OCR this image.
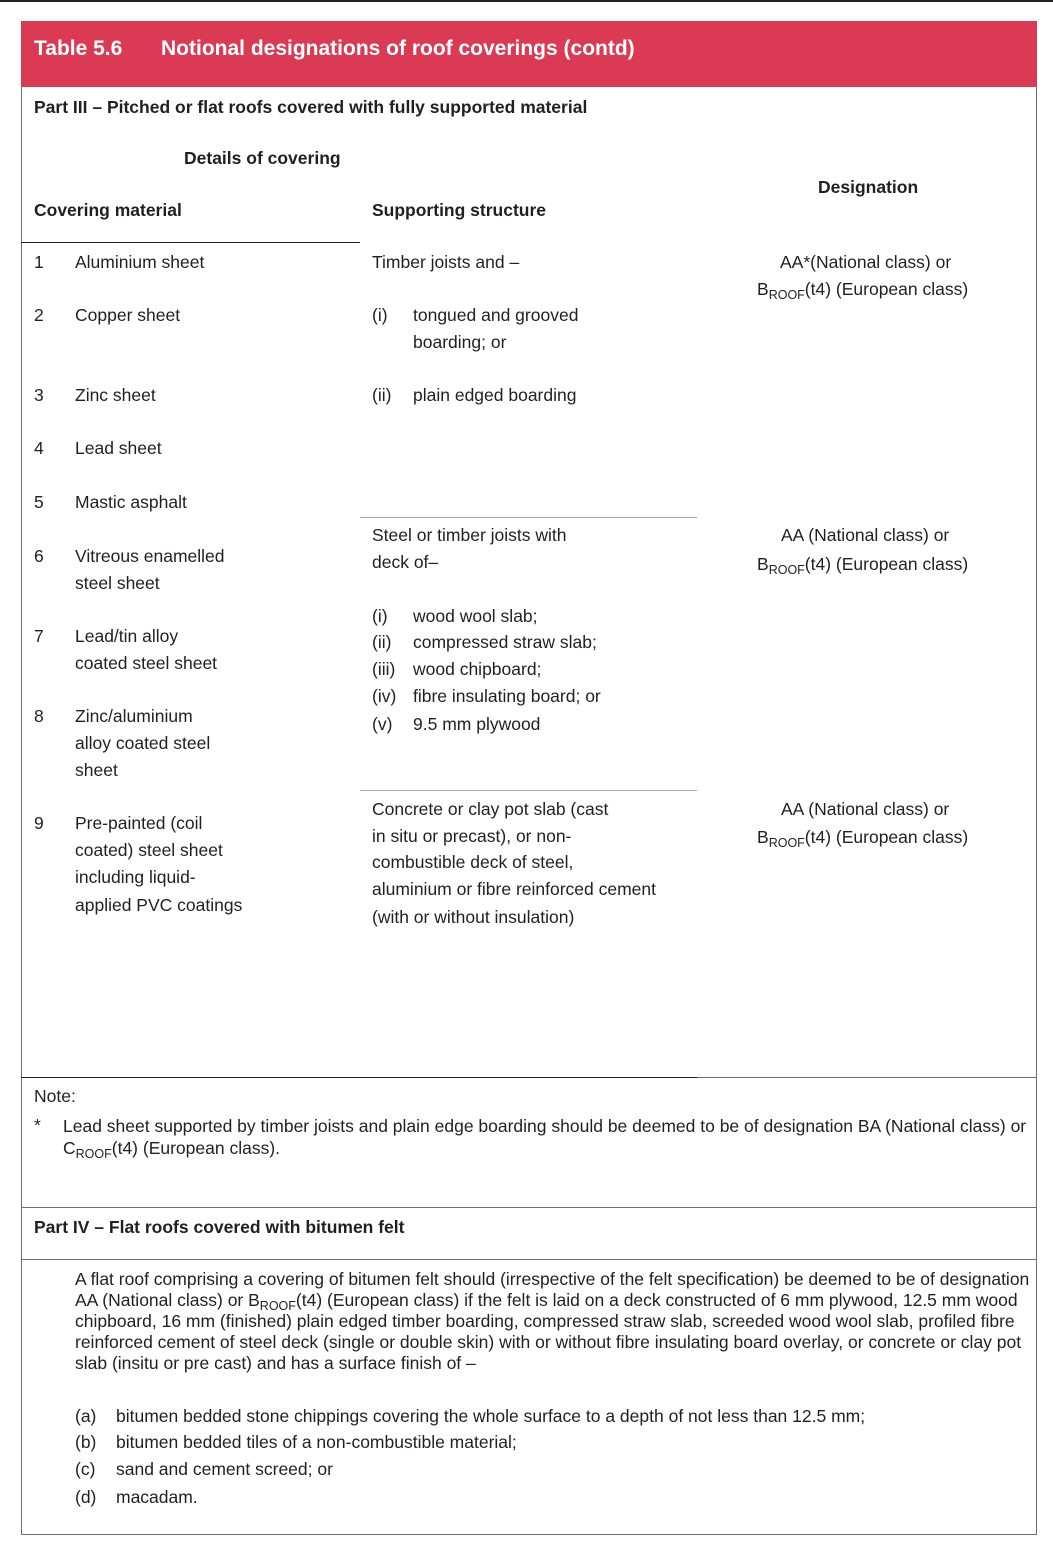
Table 5.6 Notional designations of roof coverings (contd)
Part III – Pitched or flat roofs covered with fully supported material
Details of covering
Covering material	Supporting structure
Designation
1 Aluminium sheet
2 Copper sheet
3 Zinc sheet
4 Lead sheet
5 Mastic asphalt
6 Vitreous enamelled
steel sheet
7 Lead/tin alloy
coated steel sheet
8 Zinc/aluminium
alloy coated steel
sheet
9 Pre-painted (coil
coated) steel sheet
including liquid-
applied PVC coatings
Timber joists and –
(i) tongued and grooved
boarding; or
(ii) plain edged boarding
AA*(National class) or
$B_{ROOF}(t4)$ (European class)
Steel or timber joists with
deck of–
(i) wood wool slab;
(ii) compressed straw slab;
(iii) wood chipboard;
(iv) fibre insulating board; or
(v) 9.5 mm plywood
AA (National class) or
$B_{ROOF}(t4)$ (European class)
Concrete or clay pot slab (cast
in situ or precast), or non-
combustible deck of steel,
aluminium or fibre reinforced cement
(with or without insulation)
AA (National class) or
$B_{ROOF}(t4)$ (European class)
Note:
* Lead sheet supported by timber joists and plain edge boarding should be deemed to be of designation BA (National class) or $C_{ROOF}(t4)$ (European class).
Part IV – Flat roofs covered with bitumen felt
A flat roof comprising a covering of bitumen felt should (irrespective of the felt specification) be deemed to be of designation AA (National class) or $B_{ROOF}(t4)$ (European class) if the felt is laid on a deck constructed of 6 mm plywood, 12.5 mm wood chipboard, 16 mm (finished) plain edged timber boarding, compressed straw slab, screeded wood wool slab, profiled fibre reinforced cement of steel deck (single or double skin) with or without fibre insulating board overlay, or concrete or clay pot slab (insitu or pre cast) and has a surface finish of –
(a) bitumen bedded stone chippings covering the whole surface to a depth of not less than 12.5 mm;
(b) bitumen bedded tiles of a non-combustible material;
(c) sand and cement screed; or
(d) macadam.
